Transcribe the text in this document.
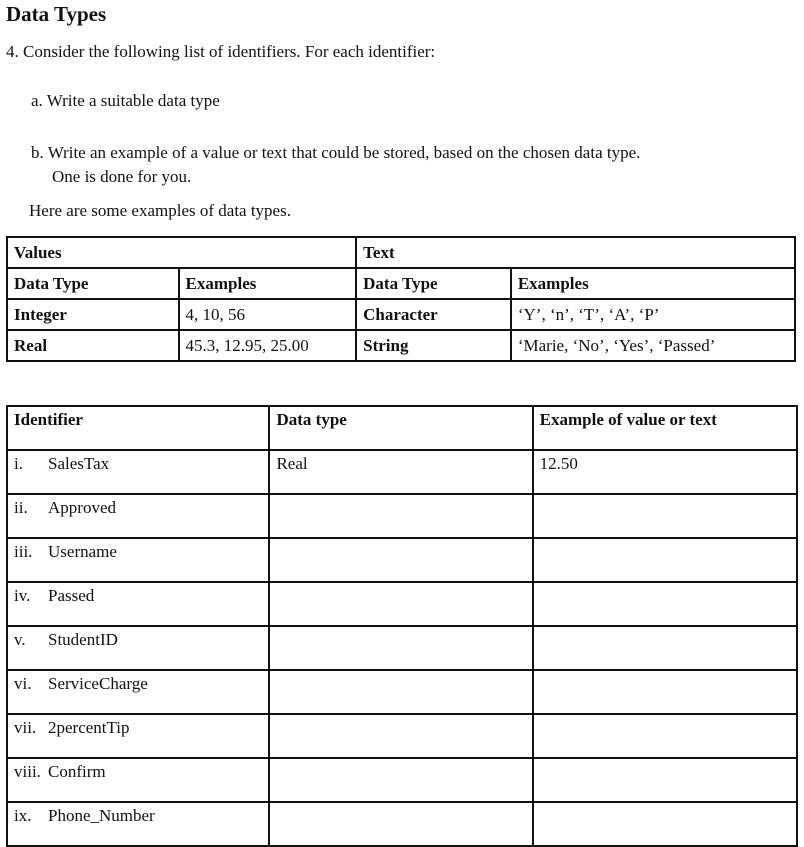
Data Types
4. Consider the following list of identifiers. For each identifier:
a. Write a suitable data type
b. Write an example of a value or text that could be stored, based on the chosen data type.
One is done for you.
Here are some examples of data types.
Values		Text	
Data Type	Examples	Data Type	Examples
Integer	4, 10, 56	Character	‘Y’, ‘n’, ‘T’, ‘A’, ‘P’
Real	45.3, 12.95, 25.00	String	‘Marie, ‘No’, ‘Yes’, ‘Passed’
Identifier	Data type	Example of value or text
i. SalesTax	Real	12.50
ii. Approved		
iii. Username		
iv. Passed		
v. StudentID		
vi. ServiceCharge		
vii. 2percentTip		
viii. Confirm		
ix. Phone_Number		
